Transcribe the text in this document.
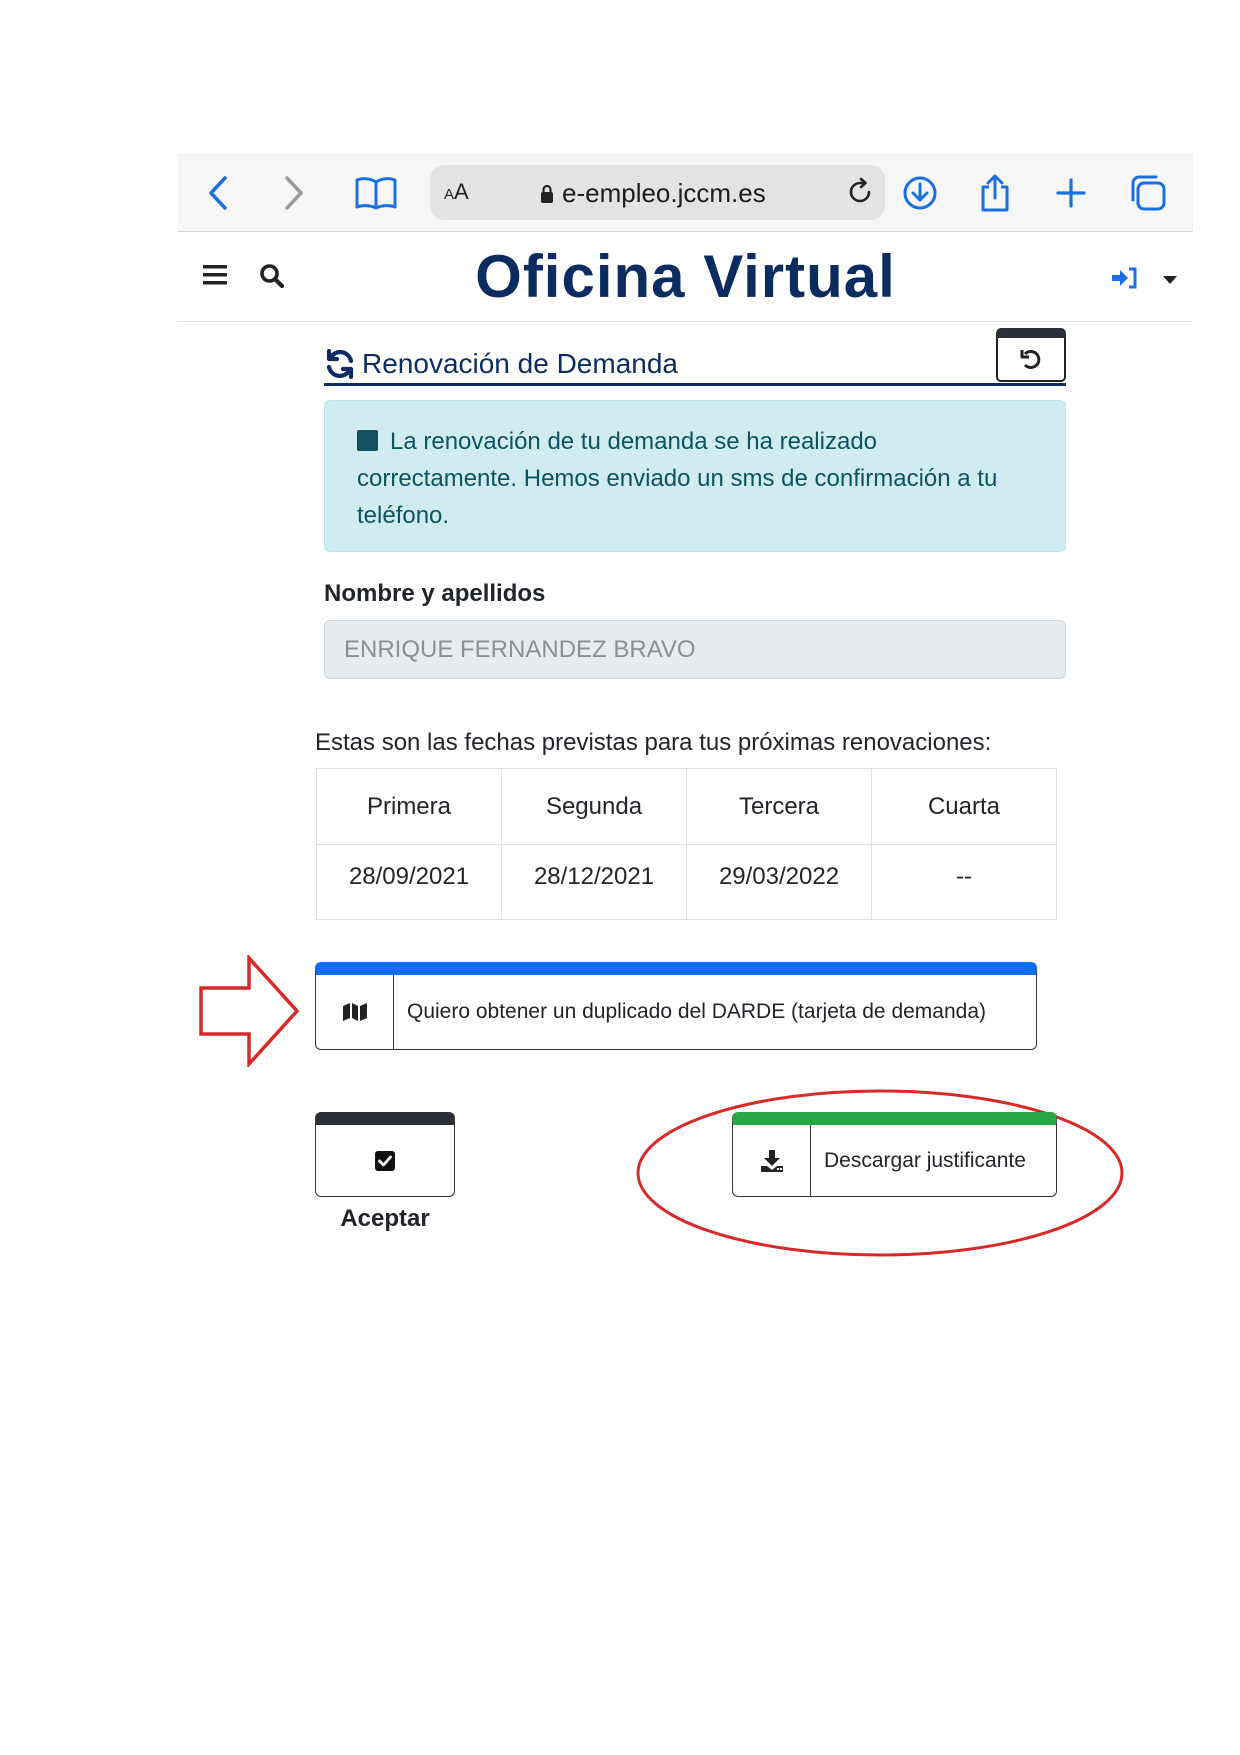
AA	e-empleo.jccm.es
Oficina Virtual
Renovación de Demanda
La renovación de tu demanda se ha realizado correctamente. Hemos enviado un sms de confirmación a tu teléfono.
Nombre y apellidos
ENRIQUE FERNANDEZ BRAVO
Estas son las fechas previstas para tus próximas renovaciones:
Primera	Segunda	Tercera	Cuarta
28/09/2021	28/12/2021	29/03/2022	--
Quiero obtener un duplicado del DARDE (tarjeta de demanda)
Aceptar
Descargar justificante
